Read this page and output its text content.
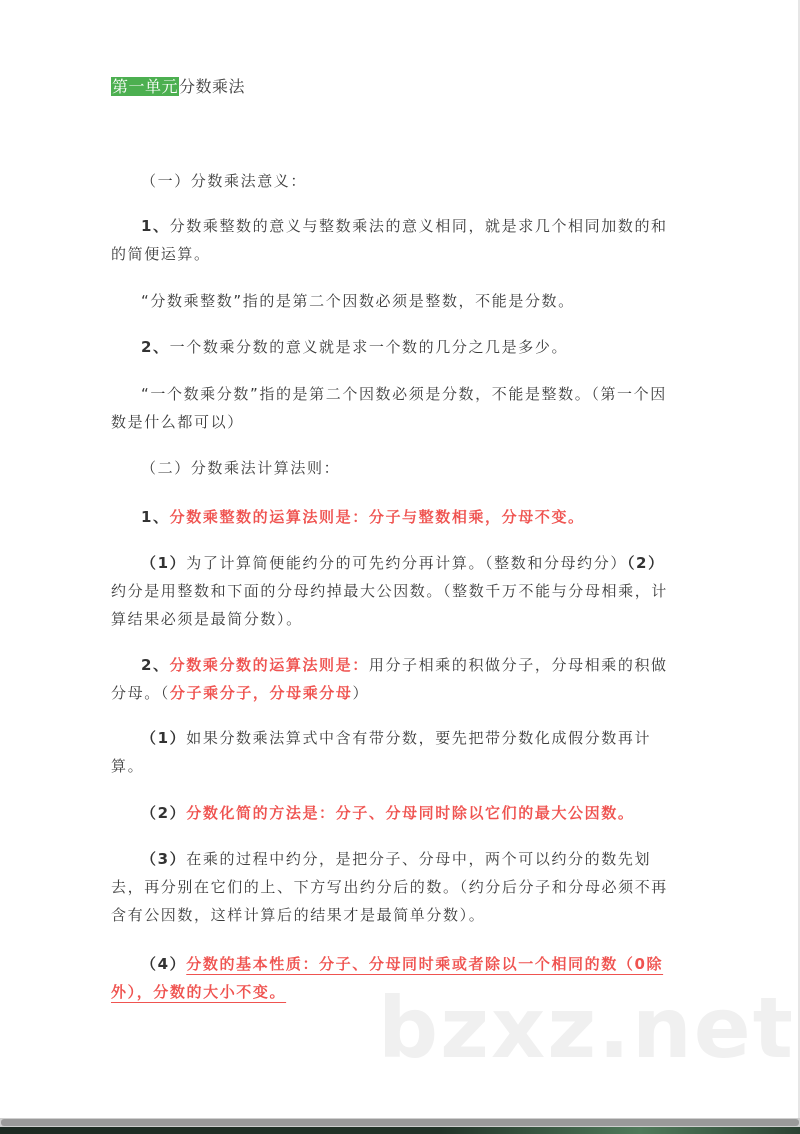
bzxz.net
第一单元分数乘法
（一）分数乘法意义：
1、分数乘整数的意义与整数乘法的意义相同，就是求几个相同加数的和的简便运算。
“分数乘整数”指的是第二个因数必须是整数，不能是分数。
2、一个数乘分数的意义就是求一个数的几分之几是多少。
“一个数乘分数”指的是第二个因数必须是分数，不能是整数。（第一个因数是什么都可以）
（二）分数乘法计算法则：
1、分数乘整数的运算法则是：分子与整数相乘，分母不变。
（1）为了计算简便能约分的可先约分再计算。（整数和分母约分）（2）约分是用整数和下面的分母约掉最大公因数。（整数千万不能与分母相乘，计算结果必须是最简分数）。
2、分数乘分数的运算法则是：用分子相乘的积做分子，分母相乘的积做分母。（分子乘分子，分母乘分母）
（1）如果分数乘法算式中含有带分数，要先把带分数化成假分数再计算。
（2）分数化简的方法是：分子、分母同时除以它们的最大公因数。
（3）在乘的过程中约分，是把分子、分母中，两个可以约分的数先划去，再分别在它们的上、下方写出约分后的数。（约分后分子和分母必须不再含有公因数，这样计算后的结果才是最简单分数）。
（4）分数的基本性质：分子、分母同时乘或者除以一个相同的数（0除外），分数的大小不变。
